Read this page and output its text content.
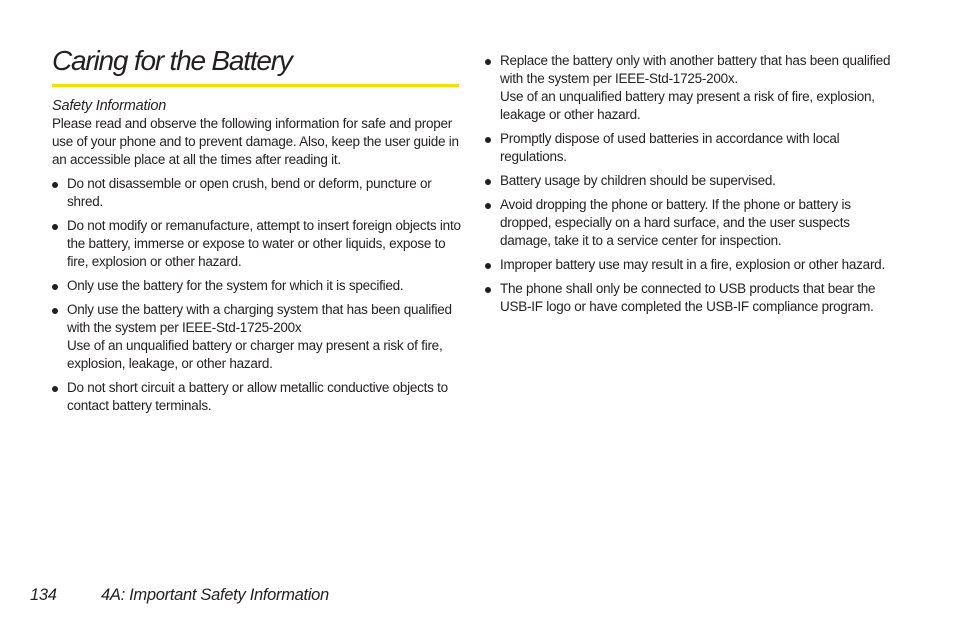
Caring for the Battery

Safety Information

Please read and observe the following information for safe and proper use of your phone and to prevent damage. Also, keep the user guide in an accessible place at all the times after reading it.

Do not disassemble or open crush, bend or deform, puncture or shred.
Do not modify or remanufacture, attempt to insert foreign objects into the battery, immerse or expose to water or other liquids, expose to fire, explosion or other hazard.
Only use the battery for the system for which it is specified.
Only use the battery with a charging system that has been qualified with the system per IEEE-Std-1725-200x
Use of an unqualified battery or charger may present a risk of fire, explosion, leakage, or other hazard.
Do not short circuit a battery or allow metallic conductive objects to contact battery terminals.
Replace the battery only with another battery that has been qualified with the system per IEEE-Std-1725-200x.
Use of an unqualified battery may present a risk of fire, explosion, leakage or other hazard.
Promptly dispose of used batteries in accordance with local regulations.
Battery usage by children should be supervised.
Avoid dropping the phone or battery. If the phone or battery is dropped, especially on a hard surface, and the user suspects damage, take it to a service center for inspection.
Improper battery use may result in a fire, explosion or other hazard.
The phone shall only be connected to USB products that bear the USB-IF logo or have completed the USB-IF compliance program.
134	4A: Important Safety Information
